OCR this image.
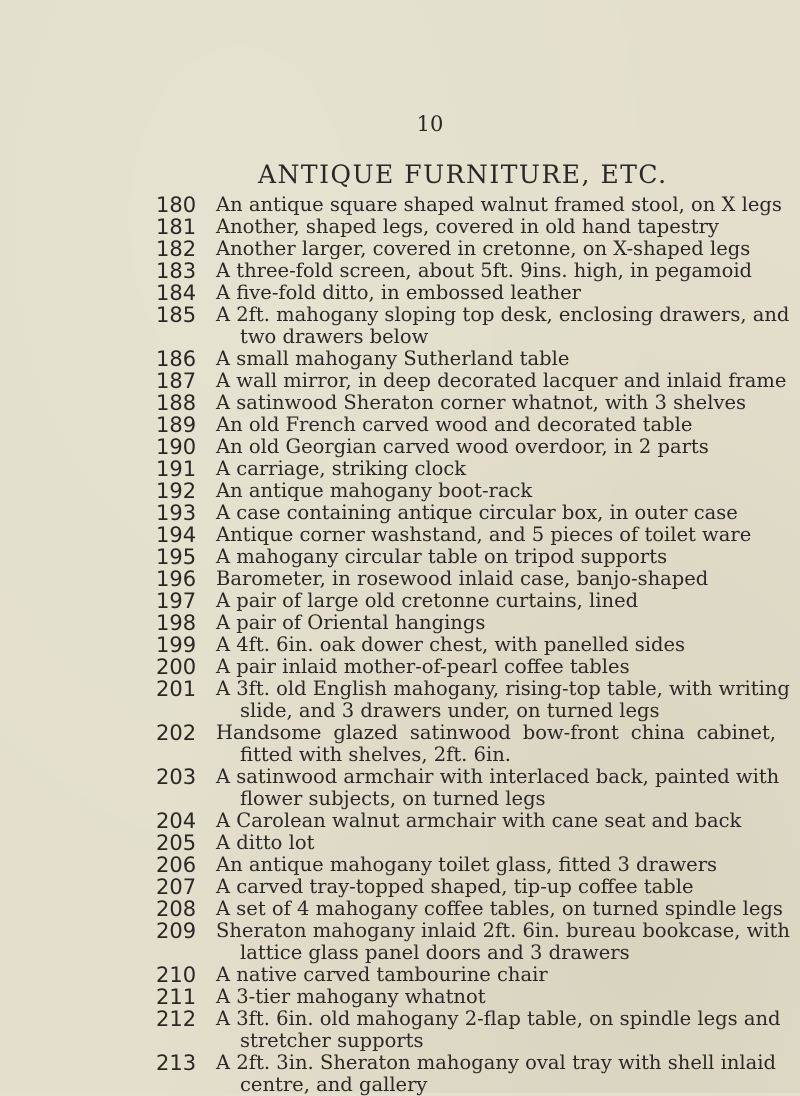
10
ANTIQUE FURNITURE, ETC.
180	An antique square shaped walnut framed stool, on X legs
181	Another, shaped legs, covered in old hand tapestry
182	Another larger, covered in cretonne, on X-shaped legs
183	A three-fold screen, about 5ft. 9ins. high, in pegamoid
184	A five-fold ditto, in embossed leather
185	A 2ft. mahogany sloping top desk, enclosing drawers, and
two drawers below
186	A small mahogany Sutherland table
187	A wall mirror, in deep decorated lacquer and inlaid frame
188	A satinwood Sheraton corner whatnot, with 3 shelves
189	An old French carved wood and decorated table
190	An old Georgian carved wood overdoor, in 2 parts
191	A carriage, striking clock
192	An antique mahogany boot-rack
193	A case containing antique circular box, in outer case
194	Antique corner washstand, and 5 pieces of toilet ware
195	A mahogany circular table on tripod supports
196	Barometer, in rosewood inlaid case, banjo-shaped
197	A pair of large old cretonne curtains, lined
198	A pair of Oriental hangings
199	A 4ft. 6in. oak dower chest, with panelled sides
200	A pair inlaid mother-of-pearl coffee tables
201	A 3ft. old English mahogany, rising-top table, with writing
slide, and 3 drawers under, on turned legs
202	Handsome glazed satinwood bow-front china cabinet,
fitted with shelves, 2ft. 6in.
203	A satinwood armchair with interlaced back, painted with
flower subjects, on turned legs
204	A Carolean walnut armchair with cane seat and back
205	A ditto lot
206	An antique mahogany toilet glass, fitted 3 drawers
207	A carved tray-topped shaped, tip-up coffee table
208	A set of 4 mahogany coffee tables, on turned spindle legs
209	Sheraton mahogany inlaid 2ft. 6in. bureau bookcase, with
lattice glass panel doors and 3 drawers
210	A native carved tambourine chair
211	A 3-tier mahogany whatnot
212	A 3ft. 6in. old mahogany 2-flap table, on spindle legs and
stretcher supports
213	A 2ft. 3in. Sheraton mahogany oval tray with shell inlaid
centre, and gallery
